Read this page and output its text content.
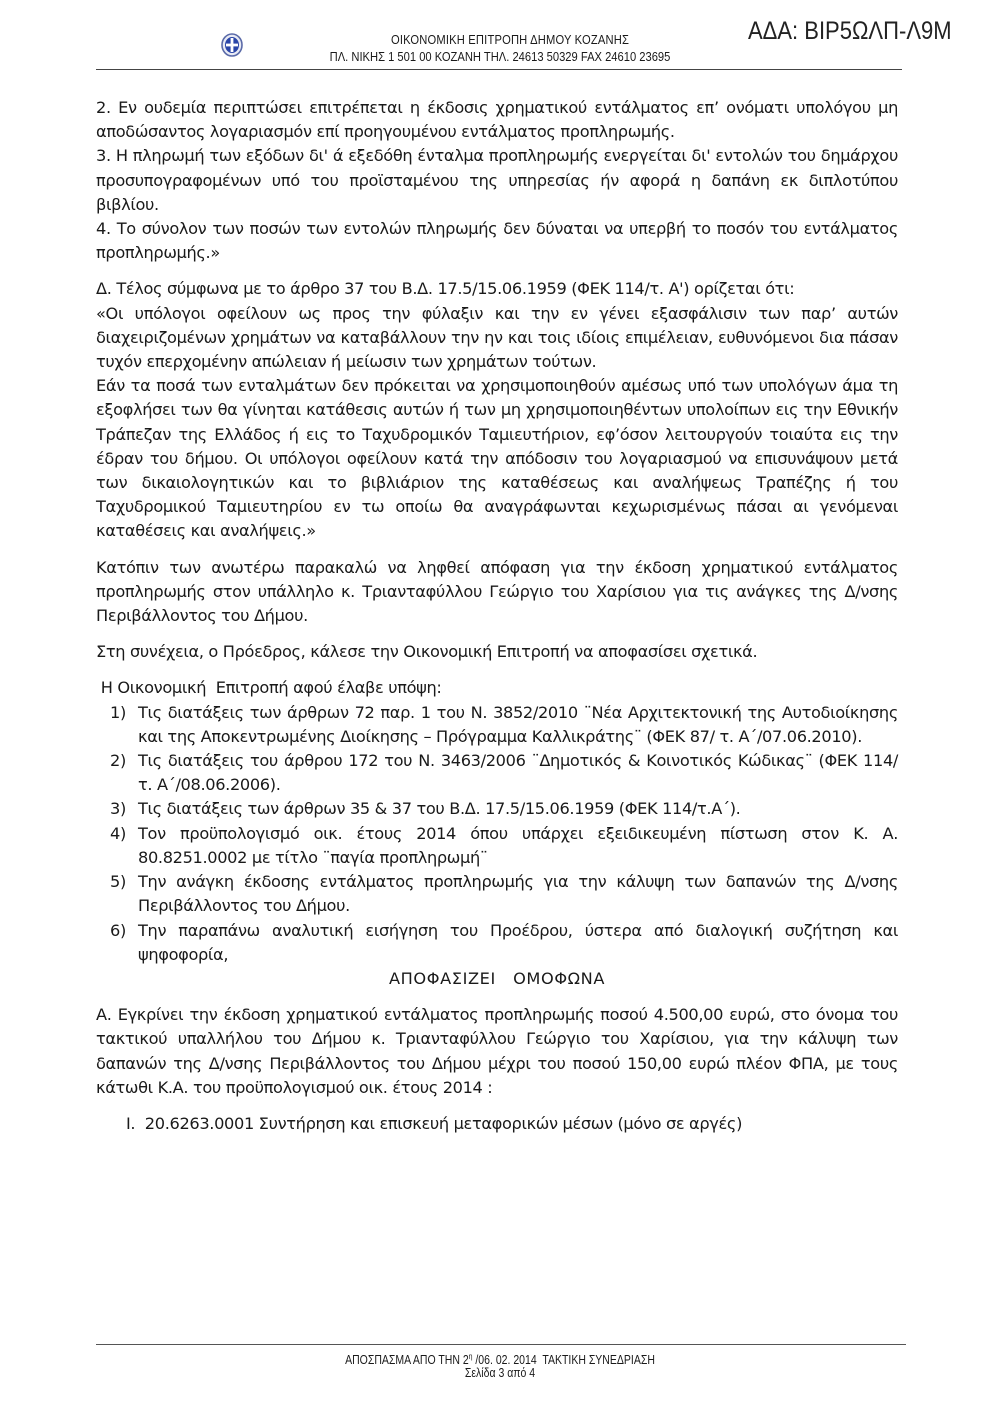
ΟΙΚΟΝΟΜΙΚΗ ΕΠΙΤΡΟΠΗ ΔΗΜΟΥ ΚΟΖΑΝΗΣ
ΠΛ. ΝΙΚΗΣ 1 501 00 ΚΟΖΑΝΗ ΤΗΛ. 24613 50329 FAX 24610 23695
ΑΔΑ: ΒΙΡ5ΩΛΠ-Λ9Μ

2. Εν ουδεμία περιπτώσει επιτρέπεται η έκδοσις χρηματικού εντάλματος επ’ ονόματι υπολόγου μη αποδώσαντος λογαριασμόν επί προηγουμένου εντάλματος προπληρωμής.

3. Η πληρωμή των εξόδων δι' ά εξεδόθη ένταλμα προπληρωμής ενεργείται δι' εντολών του δημάρχου προσυπογραφομένων υπό του προϊσταμένου της υπηρεσίας ήν αφορά η δαπάνη εκ διπλοτύπου βιβλίου.

4. Το σύνολον των ποσών των εντολών πληρωμής δεν δύναται να υπερβή το ποσόν του εντάλματος προπληρωμής.»

Δ. Τέλος σύμφωνα με το άρθρο 37 του Β.Δ. 17.5/15.06.1959 (ΦΕΚ 114/τ. Α') ορίζεται ότι:

«Οι υπόλογοι οφείλουν ως προς την φύλαξιν και την εν γένει εξασφάλισιν των παρ’ αυτών διαχειριζομένων χρημάτων να καταβάλλουν την ην και τοις ιδίοις επιμέλειαν, ευθυνόμενοι δια πάσαν τυχόν επερχομένην απώλειαν ή μείωσιν των χρημάτων τούτων.

Εάν τα ποσά των ενταλμάτων δεν πρόκειται να χρησιμοποιηθούν αμέσως υπό των υπολόγων άμα τη εξοφλήσει των θα γίνηται κατάθεσις αυτών ή των μη χρησιμοποιηθέντων υπολοίπων εις την Εθνικήν Τράπεζαν της Ελλάδος ή εις το Ταχυδρομικόν Ταμιευτήριον, εφ’όσον λειτουργούν τοιαύτα εις την έδραν του δήμου. Οι υπόλογοι οφείλουν κατά την απόδοσιν του λογαριασμού να επισυνάψουν μετά των δικαιολογητικών και το βιβλιάριον της καταθέσεως και αναλήψεως Τραπέζης ή του Ταχυδρομικού Ταμιευτηρίου εν τω οποίω θα αναγράφωνται κεχωρισμένως πάσαι αι γενόμεναι καταθέσεις και αναλήψεις.»

Κατόπιν των ανωτέρω παρακαλώ να ληφθεί απόφαση για την έκδοση χρηματικού εντάλματος προπληρωμής στον υπάλληλο κ. Τριανταφύλλου Γεώργιο του Χαρίσιου για τις ανάγκες της Δ/νσης Περιβάλλοντος του Δήμου.

Στη συνέχεια, ο Πρόεδρος, κάλεσε την Οικονομική Επιτροπή να αποφασίσει σχετικά.

Η Οικονομική  Επιτροπή αφού έλαβε υπόψη:

1) Τις διατάξεις των άρθρων 72 παρ. 1 του Ν. 3852/2010 ¨Νέα Αρχιτεκτονική της Αυτοδιοίκησης και της Αποκεντρωμένης Διοίκησης – Πρόγραμμα Καλλικράτης¨ (ΦΕΚ 87/ τ. Α΄/07.06.2010).
2) Τις διατάξεις του άρθρου 172 του Ν. 3463/2006 ¨Δημοτικός & Κοινοτικός Κώδικας¨ (ΦΕΚ 114/ τ. Α΄/08.06.2006).
3) Τις διατάξεις των άρθρων 35 & 37 του Β.Δ. 17.5/15.06.1959 (ΦΕΚ 114/τ.Α΄).
4) Τον προϋπολογισμό οικ. έτους 2014 όπου υπάρχει εξειδικευμένη πίστωση στον Κ. Α. 80.8251.0002 με τίτλο ¨παγία προπληρωμή¨
5) Την ανάγκη έκδοσης εντάλματος προπληρωμής για την κάλυψη των δαπανών της Δ/νσης Περιβάλλοντος του Δήμου.
6) Την παραπάνω αναλυτική εισήγηση του Προέδρου, ύστερα από διαλογική συζήτηση και ψηφοφορία,

ΑΠΟΦΑΣΙΖΕΙ   ΟΜΟΦΩΝΑ

Α. Εγκρίνει την έκδοση χρηματικού εντάλματος προπληρωμής ποσού 4.500,00 ευρώ, στο όνομα του τακτικού υπαλλήλου του Δήμου κ. Τριανταφύλλου Γεώργιο του Χαρίσιου, για την κάλυψη των δαπανών της Δ/νσης Περιβάλλοντος του Δήμου μέχρι του ποσού 150,00 ευρώ πλέον ΦΠΑ, με τους κάτωθι Κ.Α. του προϋπολογισμού οικ. έτους 2014 :

Ι.  20.6263.0001 Συντήρηση και επισκευή μεταφορικών μέσων (μόνο σε αργές)

ΑΠΟΣΠΑΣΜΑ ΑΠΟ ΤΗΝ $2^\eta$ /06. 02. 2014  ΤΑΚΤΙΚΗ ΣΥΝΕΔΡΙΑΣΗ
Σελίδα 3 από 4
